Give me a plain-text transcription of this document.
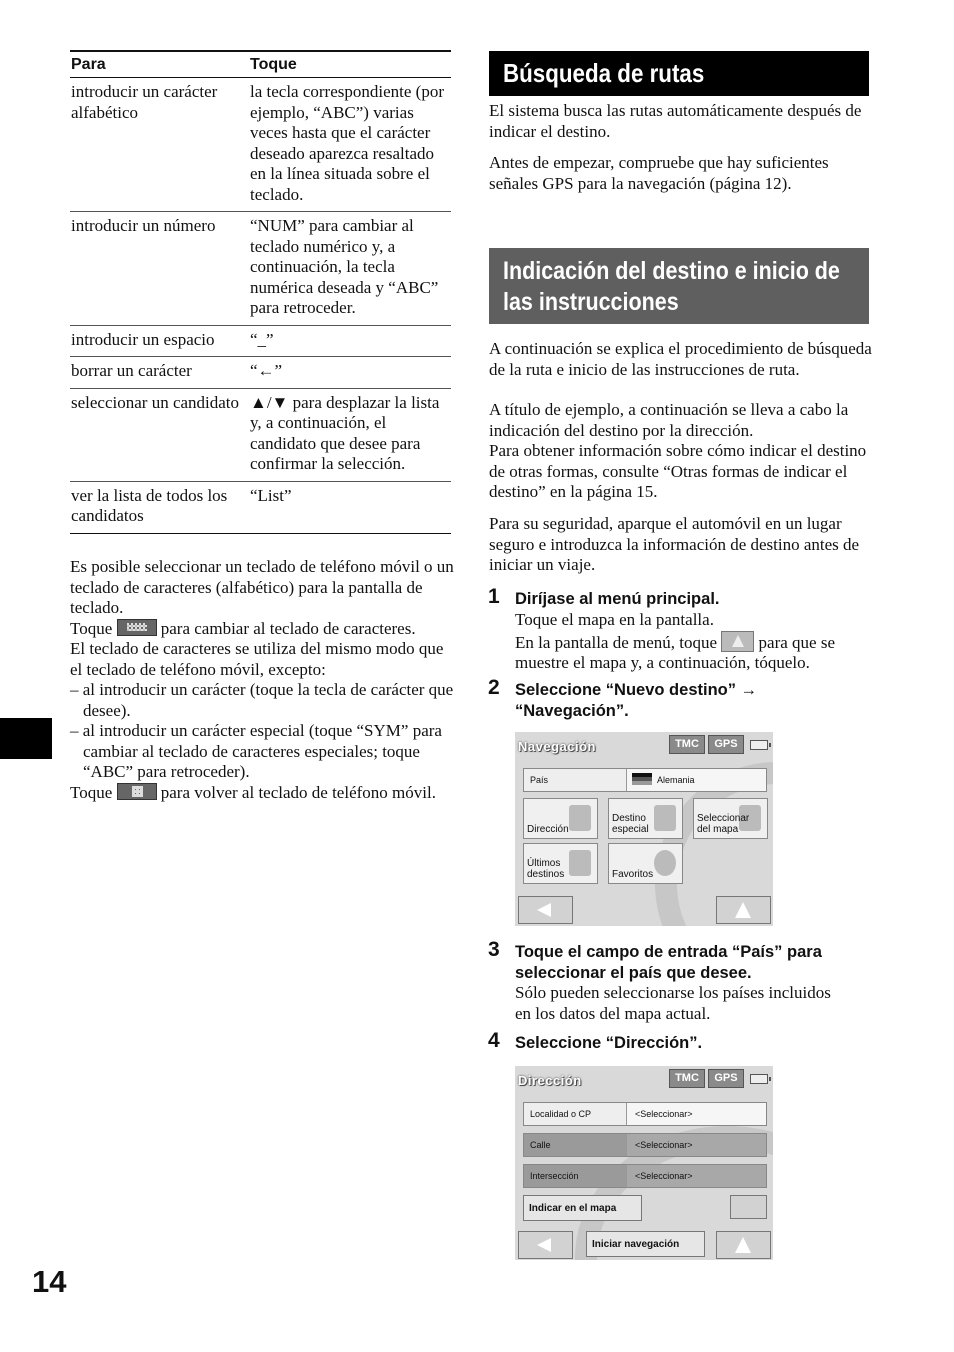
Para	Toque
introducir un carácter alfabético	la tecla correspondiente (por ejemplo, “ABC”) varias veces hasta que el carácter deseado aparezca resaltado en la línea situada sobre el teclado.
introducir un número	“NUM” para cambiar al teclado numérico y, a continuación, la tecla numérica deseada y “ABC” para retroceder.
introducir un espacio	“_”
borrar un carácter	“←”
seleccionar un candidato	▲/▼ para desplazar la lista y, a continuación, el candidato que desee para confirmar la selección.
ver la lista de todos los candidatos	“List”

Es posible seleccionar un teclado de teléfono móvil o un teclado de caracteres (alfabético) para la pantalla de teclado.

Toque	para cambiar al teclado de caracteres.

El teclado de caracteres se utiliza del mismo modo que el teclado de teléfono móvil, excepto:

– al introducir un carácter (toque la tecla de carácter que desee).

– al introducir un carácter especial (toque “SYM” para cambiar al teclado de caracteres especiales; toque “ABC” para retroceder).

Toque	para volver al teclado de teléfono móvil.

14
Búsqueda de rutas

El sistema busca las rutas automáticamente después de indicar el destino.

Antes de empezar, compruebe que hay suficientes señales GPS para la navegación (página 12).

Indicación del destino e inicio de las instrucciones

A continuación se explica el procedimiento de búsqueda de la ruta e inicio de las instrucciones de ruta.

A título de ejemplo, a continuación se lleva a cabo la indicación del destino por la dirección.

Para obtener información sobre cómo indicar el destino de otras formas, consulte “Otras formas de indicar el destino” en la página 15.

Para su seguridad, aparque el automóvil en un lugar seguro e introduzca la información de destino antes de iniciar un viaje.

1 Diríjase al menú principal.

Toque el mapa en la pantalla.
En la pantalla de menú, toque para que se muestre el mapa y, a continuación, tóquelo.

2 Seleccione “Nuevo destino” → “Navegación”.
Navegación	TMC	GPS
País	Alemania
Dirección
Destino especial
Seleccionar del mapa
Últimos destinos	Favoritos
3 Toque el campo de entrada “País” para seleccionar el país que desee.

Sólo pueden seleccionarse los países incluidos en los datos del mapa actual.

4 Seleccione “Dirección”.
Dirección	TMC	GPS
Localidad o CP	<Seleccionar>
Calle	<Seleccionar>
Intersección	<Seleccionar>
Indicar en el mapa
Iniciar navegación
